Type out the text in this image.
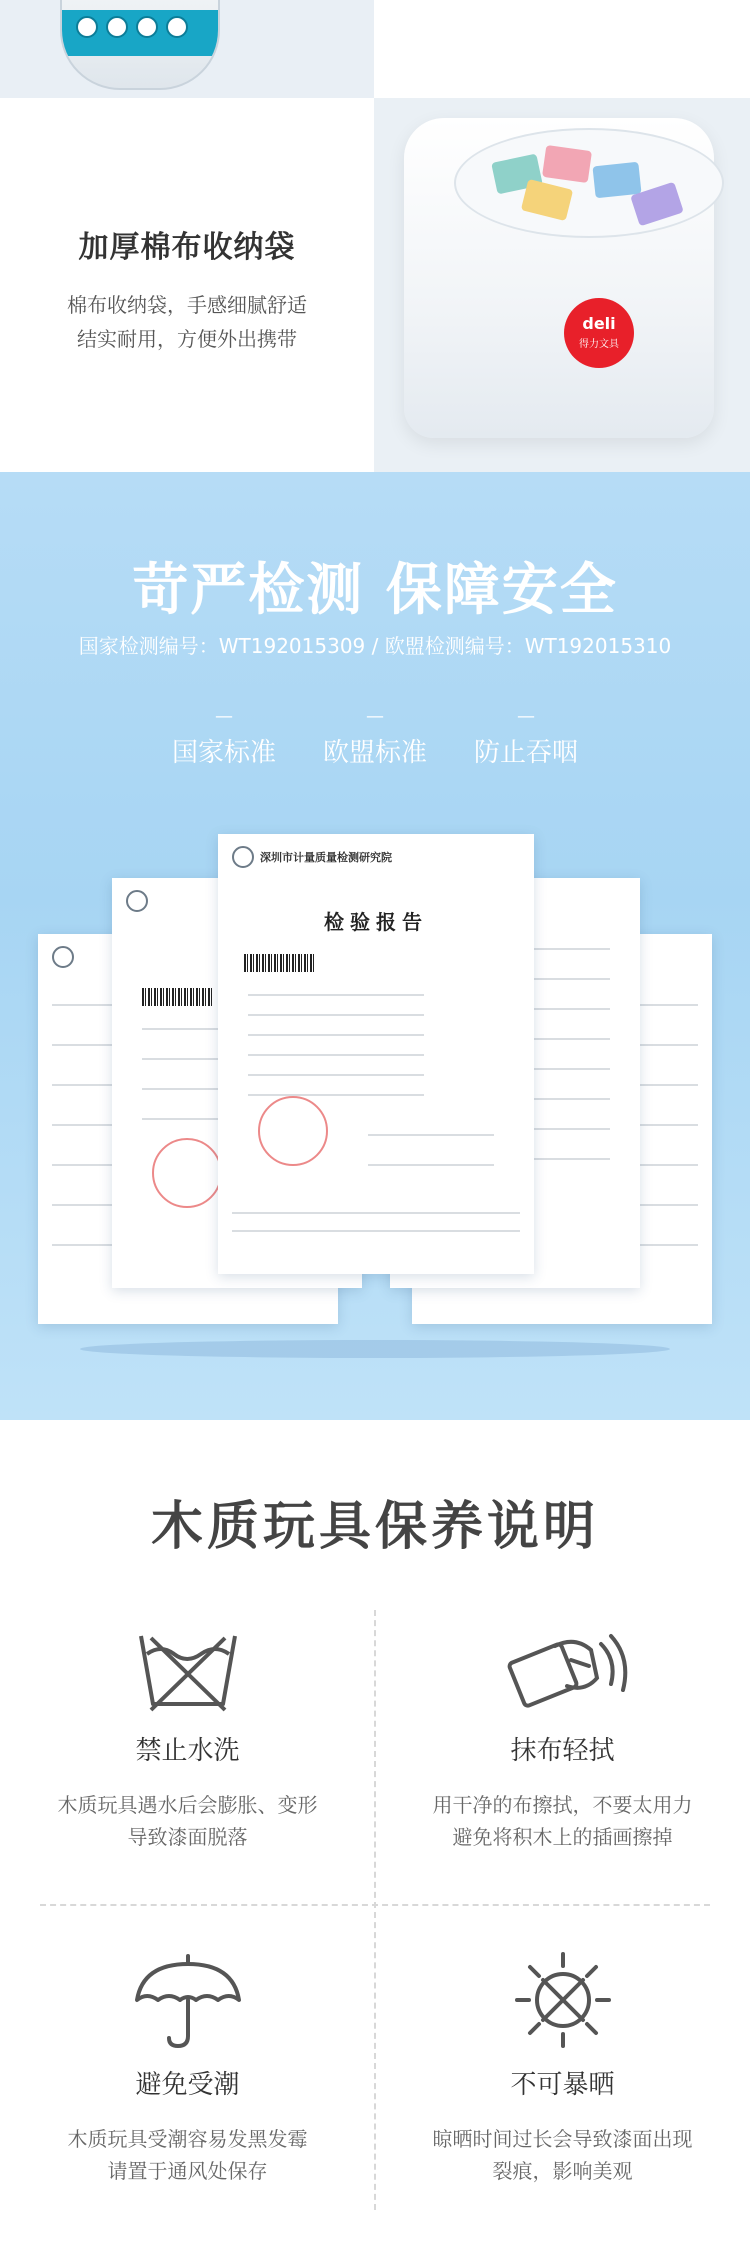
加厚棉布收纳袋
棉布收纳袋，手感细腻舒适
结实耐用，方便外出携带
deli
得力文具
苛严检测 保障安全
国家检测编号：WT192015309 / 欧盟检测编号：WT192015310
—
国家标准
—
欧盟标准
—
防止吞咽
深圳市计量质量检测研究院
检验报告
木质玩具保养说明
禁止水洗
木质玩具遇水后会膨胀、变形
导致漆面脱落
抹布轻拭
用干净的布擦拭，不要太用力
避免将积木上的插画擦掉
避免受潮
木质玩具受潮容易发黑发霉
请置于通风处保存
不可暴晒
晾晒时间过长会导致漆面出现
裂痕，影响美观
